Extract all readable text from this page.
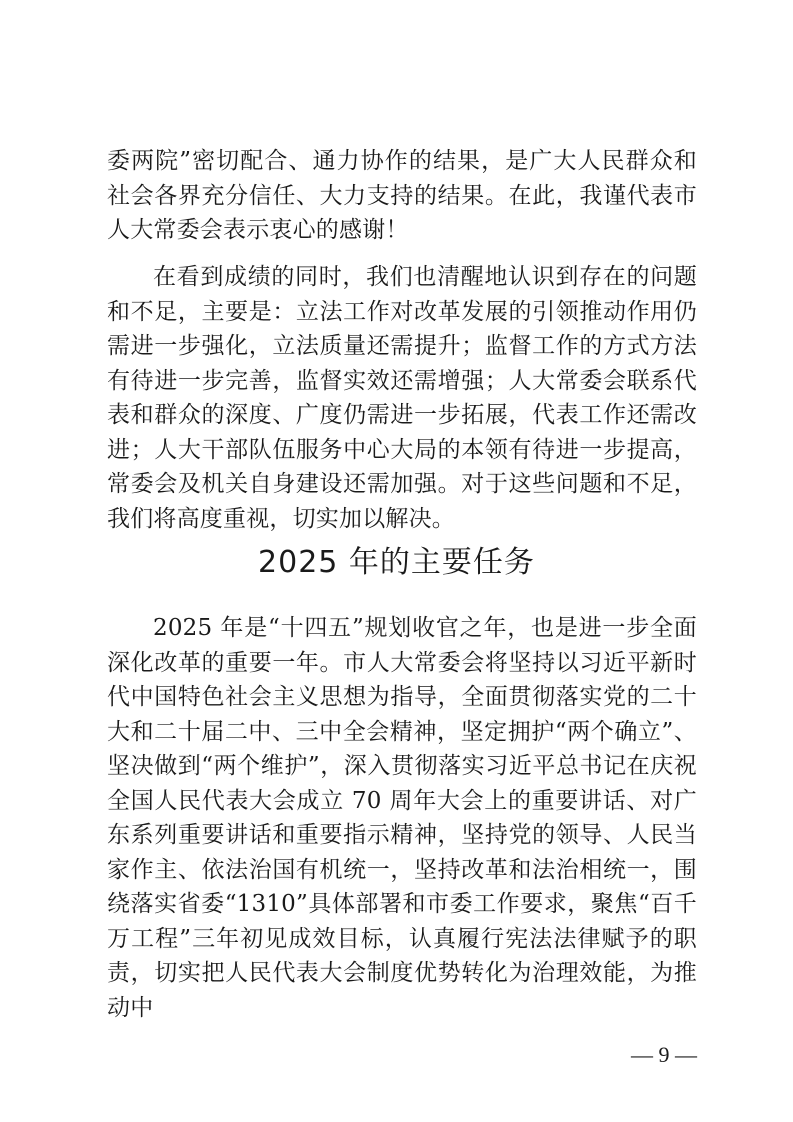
委两院”密切配合、通力协作的结果，是广大人民群众和社会各界充分信任、大力支持的结果。在此，我谨代表市人大常委会表示衷心的感谢！

在看到成绩的同时，我们也清醒地认识到存在的问题和不足，主要是：立法工作对改革发展的引领推动作用仍需进一步强化，立法质量还需提升；监督工作的方式方法有待进一步完善，监督实效还需增强；人大常委会联系代表和群众的深度、广度仍需进一步拓展，代表工作还需改进；人大干部队伍服务中心大局的本领有待进一步提高，常委会及机关自身建设还需加强。对于这些问题和不足，我们将高度重视，切实加以解决。

2025 年的主要任务

2025 年是“十四五”规划收官之年，也是进一步全面深化改革的重要一年。市人大常委会将坚持以习近平新时代中国特色社会主义思想为指导，全面贯彻落实党的二十大和二十届二中、三中全会精神，坚定拥护“两个确立”、坚决做到“两个维护”，深入贯彻落实习近平总书记在庆祝全国人民代表大会成立 70 周年大会上的重要讲话、对广东系列重要讲话和重要指示精神，坚持党的领导、人民当家作主、依法治国有机统一，坚持改革和法治相统一，围绕落实省委“1310”具体部署和市委工作要求，聚焦“百千万工程”三年初见成效目标，认真履行宪法法律赋予的职责，切实把人民代表大会制度优势转化为治理效能，为推动中

— 9 —
